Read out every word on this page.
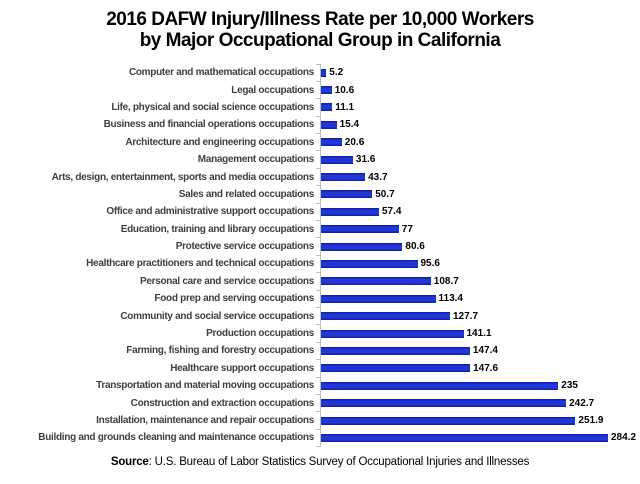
2016 DAFW Injury/Illness Rate per 10,000 Workers
by Major Occupational Group in California
Computer and mathematical occupations 5.2
Legal occupations 10.6
Life, physical and social science occupations 11.1
Business and financial operations occupations	15.4
Architecture and engineering occupations	20.6
Management occupations	31.6
Arts, design, entertainment, sports and media occupations	43.7
Sales and related occupations	50.7
Office and administrative support occupations	57.4
Education, training and library occupations	77
Protective service occupations	80.6
Healthcare practitioners and technical occupations	95.6
Personal care and service occupations	108.7
Food prep and serving occupations	113.4
Community and social service occupations	127.7
Production occupations	141.1
Farming, fishing and forestry occupations	147.4
Healthcare support occupations	147.6
Transportation and material moving occupations	235
Construction and extraction occupations	242.7
Installation, maintenance and repair occupations	251.9
Building and grounds cleaning and maintenance occupations	284.2
Source: U.S. Bureau of Labor Statistics Survey of Occupational Injuries and Illnesses
